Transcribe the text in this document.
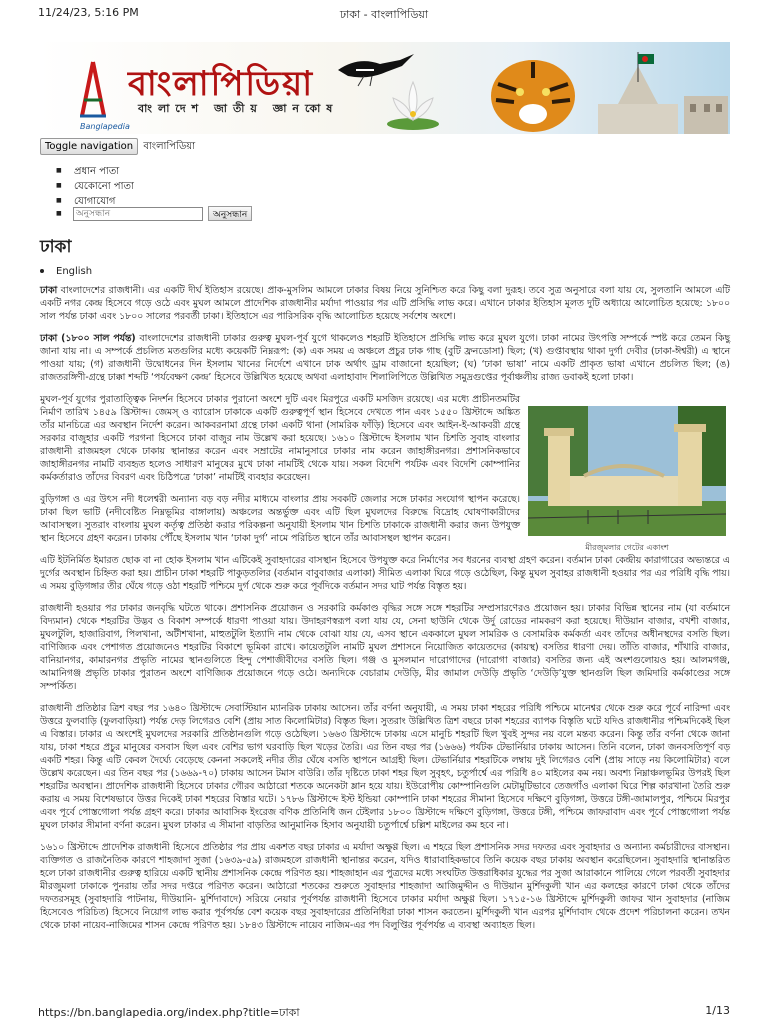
11/24/23, 5:16 PM	ঢাকা - বাংলাপিডিয়া
বাংলাপিডিয়া
বাংলাদেশ জাতীয় জ্ঞানকোষ
Banglapedia
Toggle navigation বাংলাপিডিয়া
■ প্রধান পাতা
■ যেকোনো পাতা
■ যোগাযোগ
■ অনুসন্ধান	অনুসন্ধান
ঢাকা
English

ঢাকা বাংলাদেশের রাজধানী। এর একটি দীর্ঘ ইতিহাস রয়েছে। প্রাক-মুসলিম আমলে ঢাকার বিষয় নিয়ে সুনিশ্চিত করে কিছু বলা দুরূহ। তবে সুত্র অনুসারে বলা যায় যে, সুলতানি আমলে এটি একটি নগর কেন্দ্র হিসেবে গড়ে ওঠে এবং মুঘল আমলে প্রাদেশিক রাজধানীর মর্যাদা পাওয়ার পর এটি প্রসিদ্ধি লাভ করে। এখানে ঢাকার ইতিহাস মূলত দুটি অধ্যায়ে আলোচিত হয়েছে: ১৮০০ সাল পর্যন্ত ঢাকা এবং ১৮০০ সালের পরবর্তী ঢাকা। ইতিহাসে এর পারিসরিক বৃদ্ধি আলোচিত হয়েছে সর্বশেষ অংশে।

ঢাকা (১৮০০ সাল পর্যন্ত) বাংলাদেশের রাজধানী ঢাকার গুরুত্ব মুঘল-পূর্ব যুগে থাকলেও শহরটি ইতিহাসে প্রসিদ্ধি লাভ করে মুঘল যুগে। ঢাকা নামের উৎপত্তি সম্পর্কে স্পষ্ট করে তেমন কিছু জানা যায় না। এ সম্পর্কে প্রচলিত মতগুলির মধ্যে কয়েকটি নিম্নরূপ: (ক) এক সময় এ অঞ্চলে প্রচুর ঢাক গাছ (বুটি ফ্রনডোসা) ছিল; (খ) গুপ্তাবস্থায় থাকা দুর্গা দেবীর (ঢাকা-ঈশ্বরী) এ স্থানে পাওয়া যায়; (গ) রাজধানী উদ্বোধনের দিন ইসলাম খানের নির্দেশে এখানে ঢাক অর্থাৎ ড্রাম বাজানো হয়েছিল; (ঘ) ‘ঢাকা ভাষা’ নামে একটি প্রাকৃত ভাষা এখানে প্রচলিত ছিল; (ঙ) রাজতরঙ্গিণী-গ্রন্থে ঢাক্কা শব্দটি ‘পর্যবেক্ষণ কেন্দ্র’ হিসেবে উল্লিখিত হয়েছে অথবা এলাহাবাদ শিলালিপিতে উল্লিখিত সমুদ্রগুপ্তের পূর্বাঞ্চলীয় রাজ্য ডবাকই হলো ঢাকা।

মুঘল-পূর্ব যুগের পুরাতাত্ত্বিক নিদর্শন হিসেবে ঢাকার পুরানো অংশে দুটি এবং মিরপুরে একটি মসজিদ রয়েছে। এর মধ্যে প্রাচীনতমটির নির্মাণ তারিখ ১৪৫৯ খ্রিস্টাব্দ। জেমস্ ও ব্যারোস ঢাকাকে একটি গুরুত্বপূর্ণ স্থান হিসেবে দেখতে পান এবং ১৫৫০ খ্রিস্টাব্দে অঙ্কিত তাঁর মানচিত্রে এর অবস্থান নির্দেশ করেন। আকবরনামা গ্রন্থে ঢাকা একটি থানা (সামরিক ফাঁড়ি) হিসেবে এবং আইন-ই-আকবরী গ্রন্থে সরকার বাজুহার একটি পরগনা হিসেবে ঢাকা বাজুর নাম উল্লেখ করা হয়েছে। ১৬১০ খ্রিস্টাব্দে ইসলাম খান চিশতি সুবাহ বাংলার রাজধানী রাজমহল থেকে ঢাকায় স্থানান্তর করেন এবং সম্রাটের নামানুসারে ঢাকার নাম করেন জাহাঙ্গীরনগর। প্রশাসনিকভাবে জাহাঙ্গীরনগর নামটি ব্যবহৃত হলেও সাধারণ মানুষের মুখে ঢাকা নামটিই থেকে যায়। সকল বিদেশি পর্যটক এবং বিদেশি কোম্পানির কর্মকর্তারাও তাঁদের বিবরণ এবং চিঠিপত্রে ‘ঢাকা’ নামটিই ব্যবহার করেছেন।

বুড়িগঙ্গা ও এর উৎস নদী ধলেশ্বরী অন্যান্য বড় বড় নদীর মাধ্যমে বাংলার প্রায় সবকটি জেলার সঙ্গে ঢাকার সংযোগ স্থাপন করেছে। ঢাকা ছিল ভাটি (নদীবেষ্টিত নিম্নভূমির বাঙ্গালায়) অঞ্চলের অন্তর্ভুক্ত এবং এটি ছিল মুঘলদের বিরুদ্ধে বিদ্রোহ ঘোষণাকারীদের আবাসস্থল। সুতরাং বাংলায় মুঘল কর্তৃত্ব প্রতিষ্ঠা করার পরিকল্পনা অনুযায়ী ইসলাম খান চিশতি ঢাকাকে রাজধানী করার জন্য উপযুক্ত স্থান হিসেবে গ্রহণ করেন। ঢাকায় পৌঁছে ইসলাম খান ‘ঢাকা দুর্গ’ নামে পরিচিত স্থানে তাঁর আবাসস্থল স্থাপন করেন।

এটি ইটনির্মিত ইমারত ছোক বা না হোক ইসলাম খান এটিকেই সুবাহদারের বাসস্থান হিসেবে উপযুক্ত করে নির্মাণের সব ধরনের ব্যবস্থা গ্রহণ করেন। বর্তমান ঢাকা কেন্দ্রীয় কারাগারের অভ্যন্তরে এ দুর্গের অবস্থান চিহ্নিত করা হয়। প্রাচীন ঢাকা শহরটি পাকুড়তলির (বর্তমান বাবুবাজার এলাকা) সীমিত এলাকা ঘিরে গড়ে ওঠেছিল, কিন্তু মুঘল সুবাহর রাজধানী হওয়ার পর এর পরিধি বৃদ্ধি পায়। এ সময় বুড়িগঙ্গার তীর ঘেঁষে গড়ে ওঠা শহরটি পশ্চিমে দুর্গ থেকে শুরু করে পূর্বদিকে বর্তমান সদর ঘাট পর্যন্ত বিস্তৃত হয়।

রাজধানী হওয়ার পর ঢাকার জনবৃদ্ধি ঘটতে থাকে। প্রশাসনিক প্রয়োজন ও সরকারি কর্মকাণ্ড বৃদ্ধির সঙ্গে সঙ্গে শহরটির সম্প্রসারণেরও প্রয়োজন হয়। ঢাকার বিভিন্ন স্থানের নাম (যা বর্তমানে বিদ্যমান) থেকে শহরটির উদ্ভব ও বিকাশ সম্পর্কে ধারণা পাওয়া যায়। উদাহরণস্বরূপ বলা যায় যে, সেনা ছাউনি থেকে উর্দু রোডের নামকরণ করা হয়েছে। দীউয়ান বাজার, বখশী বাজার, মুঘলটুলি, হাজারিবাগ, পিলখানা, অটীশখানা, মাহুতটুলি ইত্যাদি নাম থেকে বোঝা যায় যে, এসব স্থানে এককালে মুঘল সামরিক ও বেসামরিক কর্মকর্তা এবং তাঁদের অধীনস্থদের বসতি ছিল। বাণিজ্যিক এবং পেশাগত প্রয়োজনেও শহরটির বিকাশে ভূমিকা রাখে। কায়েতটুলি নামটি মুঘল প্রশাসনে নিয়োজিত কায়েতদের (কায়স্থ) বসতির ধারণা দেয়। তাঁতি বাজার, শাঁখারি বাজার, বানিয়ানগর, কামারনগর প্রভৃতি নামের স্থানগুলিতে হিন্দু পেশাজীবীদের বসতি ছিল। গঞ্জ ও মুসলমান দারোগাদের (দারোগা বাজার) বসতির জন্য এই অংশগুলোয়ও হয়। আলমগঞ্জ, আমানিগঞ্জ প্রভৃতি ঢাকার পুরাতন অংশে বাণিজ্যিক প্রয়োজনে গড়ে ওঠে। অন্যদিকে বেচারাম দেউড়ি, মীর জামাল দেউড়ি প্রভৃতি ‘দেউড়ি’যুক্ত স্থানগুলি ছিল জমিদারি কর্মকাণ্ডের সঙ্গে সম্পর্কিত।

রাজধানী প্রতিষ্ঠার ত্রিশ বছর পর ১৬৪০ খ্রিস্টাব্দে সেবাস্টিয়ান ম্যানরিক ঢাকায় আসেন। তাঁর বর্ণনা অনুযায়ী, এ সময় ঢাকা শহরের পরিধি পশ্চিমে মানেশ্বর থেকে শুরু করে পূর্বে নারিন্দা এবং উত্তরে ফুলবাড়ি (ফুলবাড়িয়া) পর্যন্ত দেড় লিগেরও বেশি (প্রায় সাত কিলোমিটার) বিস্তৃত ছিল। সুতরাং উল্লিখিত ত্রিশ বছরে ঢাকা শহরের ব্যাপক বিস্তৃতি ঘটে যদিও রাজধানীর পশ্চিমদিকেই ছিল এ বিস্তার। ঢাকার এ অংশেই মুঘলদের সরকারি প্রতিষ্ঠানগুলি গড়ে ওঠেছিল। ১৬৬৩ খ্রিস্টাব্দে ঢাকায় এসে মানুচি শহরটি ছিল খুবই সুন্দর নয় বলে মন্তব্য করেন। কিন্তু তাঁর বর্ণনা থেকে জানা যায়, ঢাকা শহরে প্রচুর মানুষের বসবাস ছিল এবং বেশির ভাগ ঘরবাড়ি ছিল খড়ের তৈরি। এর তিন বছর পর (১৬৬৬) পর্যটক টেভার্নিয়ার ঢাকায় আসেন। তিনি বলেন, ঢাকা জনবসতিপূর্ণ বড় একটি শহর। কিন্তু এটি কেবল দৈর্ঘ্যে বেড়েছে কেননা সকলেই নদীর তীর ঘেঁষে বসতি স্থাপনে আগ্রহী ছিল। টেভার্নিয়ার শহরটিকে লম্বায় দুই লিগেরও বেশি (প্রায় সাড়ে নয় কিলোমিটার) বলে উল্লেখ করেছেন। এর তিন বছর পর (১৬৬৯-৭০) ঢাকায় আসেন টমাস বাউরি। তাঁর দৃষ্টিতে ঢাকা শহর ছিল সুবৃহৎ, চতুর্পার্শ্বে এর পরিধি ৪০ মাইলের কম নয়। অবশ্য নিম্নাঞ্চলভূমির উপরই ছিল শহরটির অবস্থান। প্রাদেশিক রাজধানী হিসেবে ঢাকার গৌরব আঠারো শতকে অনেকটা ম্লান হয়ে যায়। ইউরোপীয় কোম্পানিগুলি মেটামুটিভাবে তেজগাঁও এলাকা ঘিরে শিল্প কারখানা তৈরি শুরু করায় এ সময় বিশেষভাবে উত্তর দিকেই ঢাকা শহরের বিস্তার ঘটে। ১৭৮৬ খ্রিস্টাব্দে ইস্ট ইন্ডিয়া কোম্পানি ঢাকা শহরের সীমানা হিসেবে দক্ষিণে বুড়িগঙ্গা, উত্তরে টঙ্গী-জামালপুর, পশ্চিমে মিরপুর এবং পূর্বে পোস্তগোলা পর্যন্ত গ্রহণ করে। ঢাকার আবাসিক ইংরেজ বণিক প্রতিনিধি জন টেইলার ১৮০০ খ্রিস্টাব্দে দক্ষিণে বুড়িগঙ্গা, উত্তরে টঙ্গী, পশ্চিমে জাফরাবাদ এবং পূর্বে পোস্তগোলা পর্যন্ত মুঘল ঢাকার সীমানা বর্ণনা করেন। মুঘল ঢাকার এ সীমানা বাড়তির আনুমানিক হিসাব অনুযায়ী চতুর্পার্শ্বে চল্লিশ মাইলের কম হবে না।

১৬১০ খ্রিস্টাব্দে প্রাদেশিক রাজধানী হিসেবে প্রতিষ্ঠার পর প্রায় একশত বছর ঢাকার এ মর্যাদা অক্ষুণ্ণ ছিল। এ শহরে ছিল প্রশাসনিক সদর দফতর এবং সুবাহদার ও অন্যান্য কর্মচারীদের বাসস্থান। ব্যক্তিগত ও রাজনৈতিক কারণে শাহজাদা সুজা (১৬৩৯-৫৯) রাজমহলে রাজধানী স্থানান্তর করেন, যদিও ধারাবাহিকভাবে তিনি কয়েক বছর ঢাকায় অবস্থান করেছিলেন। সুবাহদারি স্থানান্তরিত হলে ঢাকা রাজধানীর গুরুত্ব হারিয়ে একটি স্থানীয় প্রশাসনিক কেন্দ্রে পরিণত হয়। শাহজাহান এর পুত্রদের মধ্যে সংঘটিত উত্তরাধিকার যুদ্ধের পর সুজা আরাকানে পালিয়ে গেলে পরবর্তী সুবাহদার মীরজুমলা ঢাকাকে পুনরায় তাঁর সদর দপ্তরে পরিণত করেন। আঠারো শতকের শুরুতে সুবাহদার শাহজাদা আজিমুদ্দীন ও দীউয়ান মুর্শিদকুলী খান এর কলহের কারণে ঢাকা থেকে তাঁদের দফতরসমূহ (সুবাহদারি পাটনায়, দীউয়ানি- মুর্শিদাবাদে) সরিয়ে নেয়ার পূর্বপর্যন্ত রাজধানী হিসেবে ঢাকার মর্যাদা অক্ষুণ্ণ ছিল। ১৭১৫-১৬ খ্রিস্টাব্দে মুর্শিদকুলী জাফর খান সুবাহদার (নাজিম হিসেবেও পরিচিত) হিসেবে নিয়োগ লাভ করার পূর্বপর্যন্ত বেশ কয়েক বছর সুবাহদারের প্রতিনিধিরা ঢাকা শাসন করতেন। মুর্শিদকুলী খান এরপর মুর্শিদাবাদ থেকে প্রদেশ পরিচালনা করেন। তখন থেকে ঢাকা নায়েব-নাজিমের শাসন কেন্দ্রে পরিণত হয়। ১৮৪৩ খ্রিস্টাব্দে নায়েব নাজিম-এর পদ বিলুপ্তির পূর্বপর্যন্ত এ ব্যবস্থা অব্যাহত ছিল।

মীরজুমলার গেটের একাংশ
https://bn.banglapedia.org/index.php?title=ঢাকা	1/13
